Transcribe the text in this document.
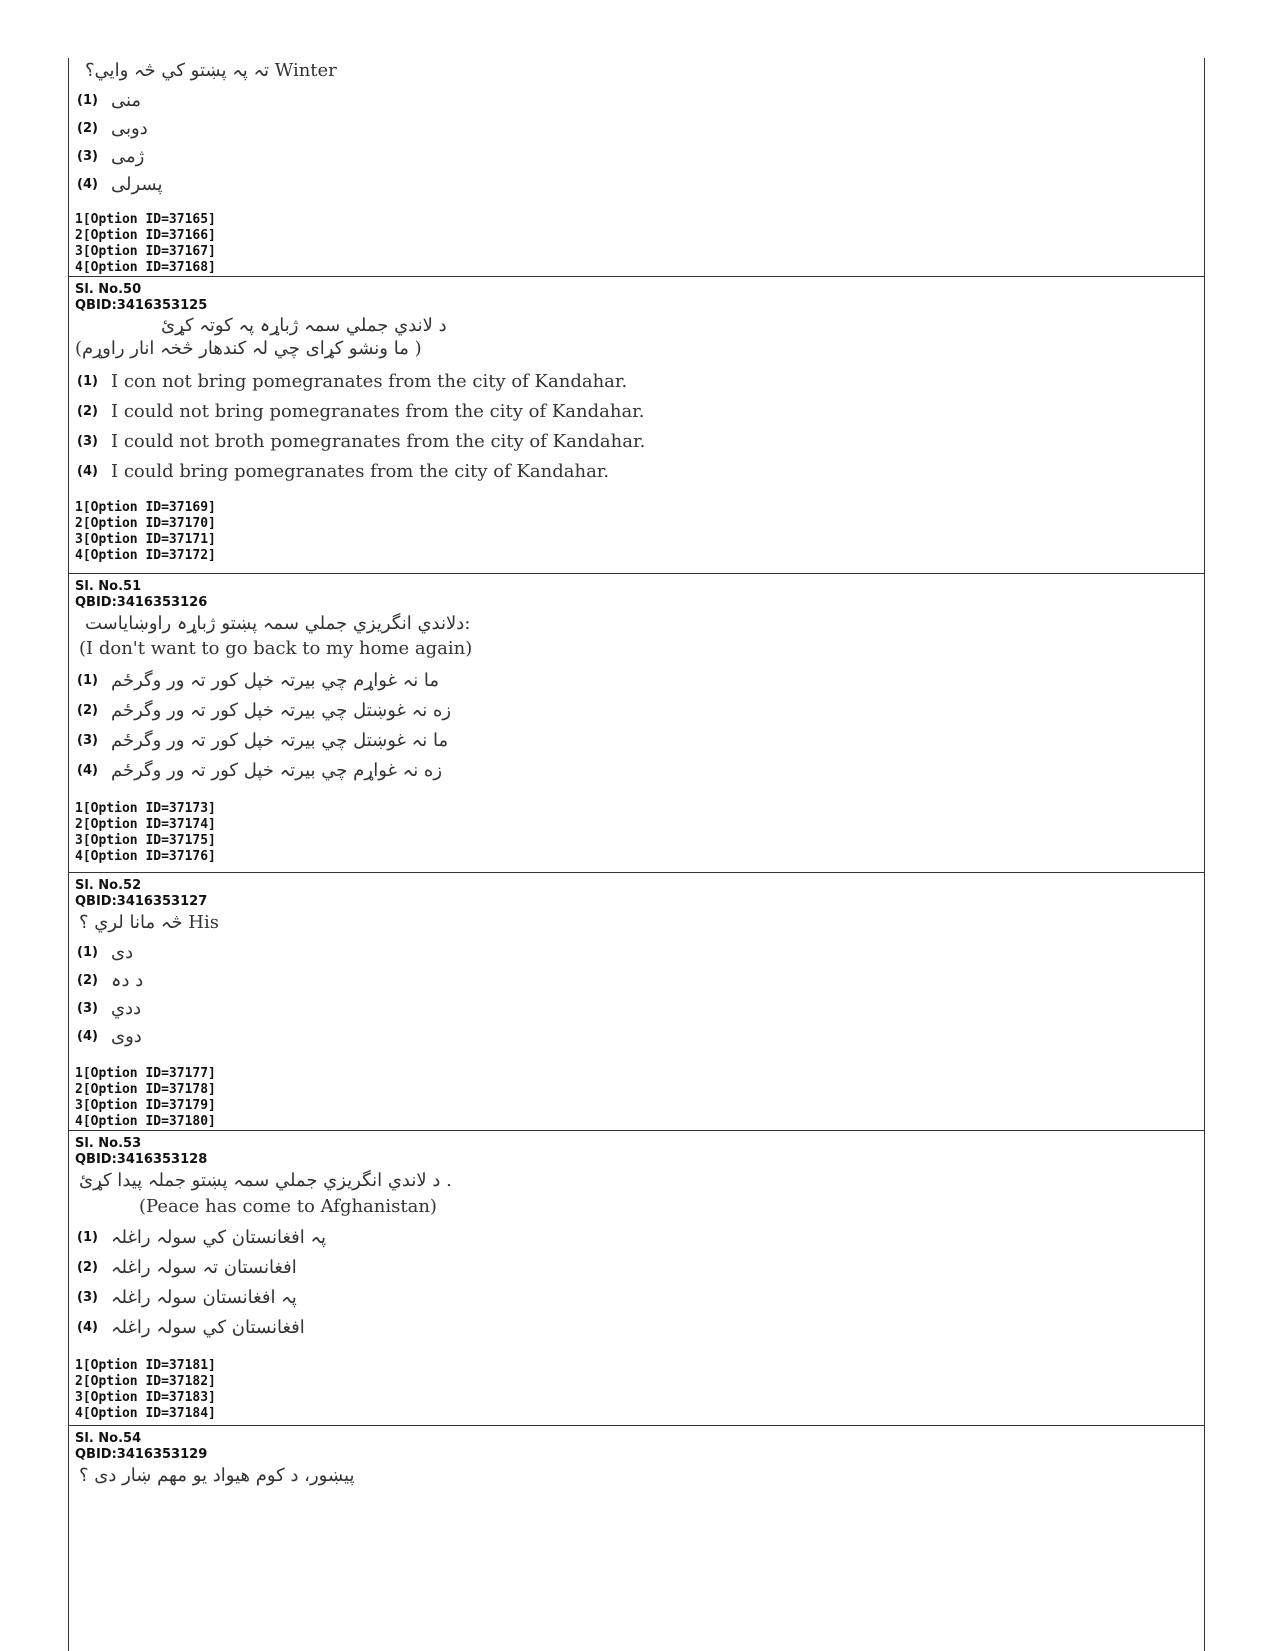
تہ پہ پښتو کي څہ وايي؟ Winter
(1) منی
(2) دوبی
(3) ژمی
(4) پسرلی
1[Option ID=37165]
2[Option ID=37166]
3[Option ID=37167]
4[Option ID=37168]
Sl. No.50
QBID:3416353125
د لاندي جملي سمہ ژباړہ پہ کوتہ کړئ
(ما ونشو کړای چي لہ کندهار څخہ انار راوړم )
(1) I con not bring pomegranates from the city of Kandahar.
(2) I could not bring pomegranates from the city of Kandahar.
(3) I could not broth pomegranates from the city of Kandahar.
(4) I could bring pomegranates from the city of Kandahar.
1[Option ID=37169]
2[Option ID=37170]
3[Option ID=37171]
4[Option ID=37172]
Sl. No.51
QBID:3416353126
دلاندي انگريزي جملي سمہ پښتو ژباړہ راوښاياست:
(I don't want to go back to my home again)
(1) ما نہ غواړم چي بيرتہ خپل کور تہ ور وگرځم
(2) زه نہ غوښتل چي بيرتہ خپل کور تہ ور وگرځم
(3) ما نہ غوښتل چي بيرتہ خپل کور تہ ور وگرځم
(4) زه نہ غواړم چي بيرتہ خپل کور تہ ور وگرځم
1[Option ID=37173]
2[Option ID=37174]
3[Option ID=37175]
4[Option ID=37176]
Sl. No.52
QBID:3416353127
څہ مانا لري ؟ His
(1) دی
(2) د دہ
(3) ددي
(4) دوی
1[Option ID=37177]
2[Option ID=37178]
3[Option ID=37179]
4[Option ID=37180]
Sl. No.53
QBID:3416353128
د لاندي انگريزي جملي سمہ پښتو جملہ پيدا کړئ .
(Peace has come to Afghanistan)
(1) پہ افغانستان کي سولہ راغلہ
(2) افغانستان تہ سولہ راغلہ
(3) پہ افغانستان سولہ راغلہ
(4) افغانستان کي سولہ راغلہ
1[Option ID=37181]
2[Option ID=37182]
3[Option ID=37183]
4[Option ID=37184]
Sl. No.54
QBID:3416353129
پيښور، د کوم هيواد يو مهم ښار دی ؟
